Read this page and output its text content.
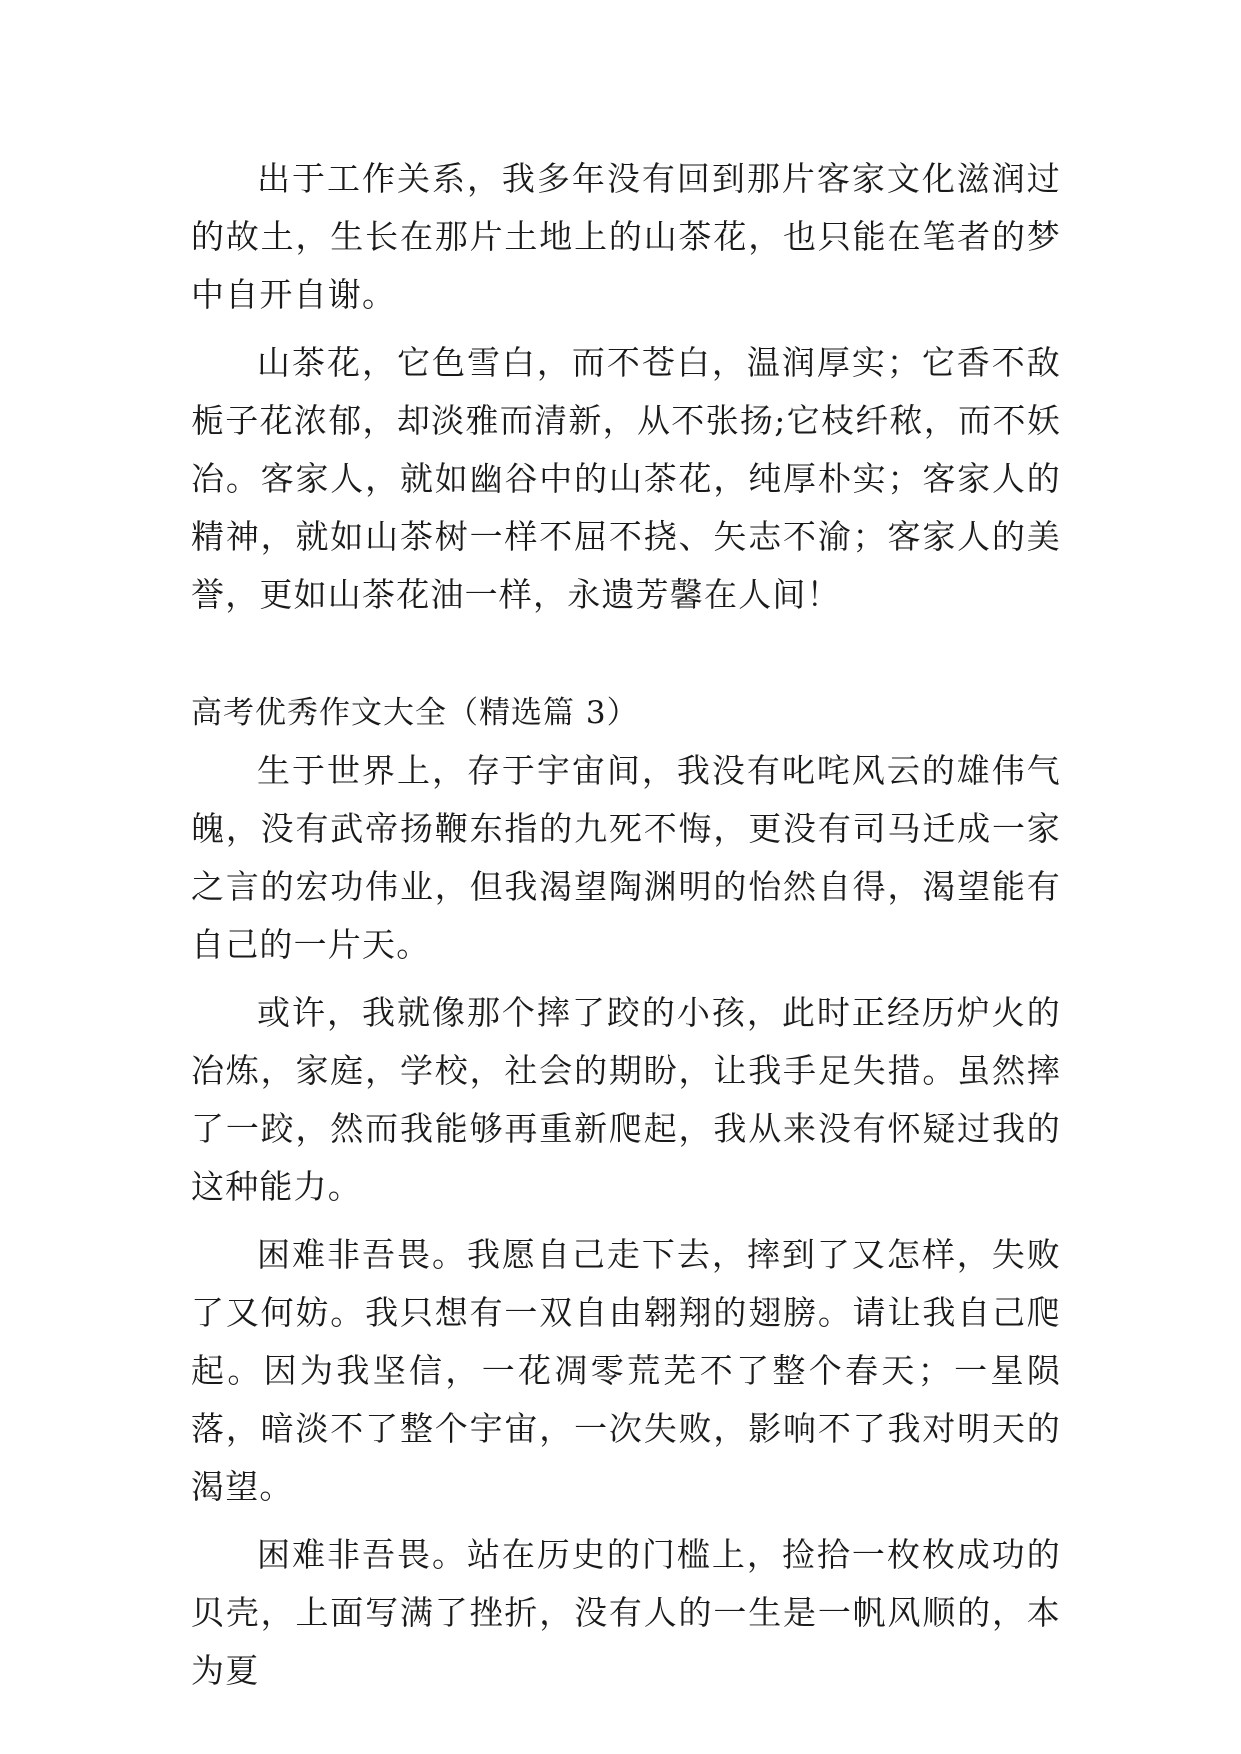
出于工作关系，我多年没有回到那片客家文化滋润过的故土，生长在那片土地上的山茶花，也只能在笔者的梦中自开自谢。

山茶花，它色雪白，而不苍白，温润厚实；它香不敌栀子花浓郁，却淡雅而清新，从不张扬;它枝纤秾，而不妖冶。客家人，就如幽谷中的山茶花，纯厚朴实；客家人的精神，就如山茶树一样不屈不挠、矢志不渝；客家人的美誉，更如山茶花油一样，永遗芳馨在人间！

高考优秀作文大全（精选篇 3）

生于世界上，存于宇宙间，我没有叱咤风云的雄伟气魄，没有武帝扬鞭东指的九死不悔，更没有司马迁成一家之言的宏功伟业，但我渴望陶渊明的怡然自得，渴望能有自己的一片天。

或许，我就像那个摔了跤的小孩，此时正经历炉火的冶炼，家庭，学校，社会的期盼，让我手足失措。虽然摔了一跤，然而我能够再重新爬起，我从来没有怀疑过我的这种能力。

困难非吾畏。我愿自己走下去，摔到了又怎样，失败了又何妨。我只想有一双自由翱翔的翅膀。请让我自己爬起。因为我坚信，一花凋零荒芜不了整个春天；一星陨落，暗淡不了整个宇宙，一次失败，影响不了我对明天的渴望。

困难非吾畏。站在历史的门槛上，捡拾一枚枚成功的贝壳，上面写满了挫折，没有人的一生是一帆风顺的，本为夏
